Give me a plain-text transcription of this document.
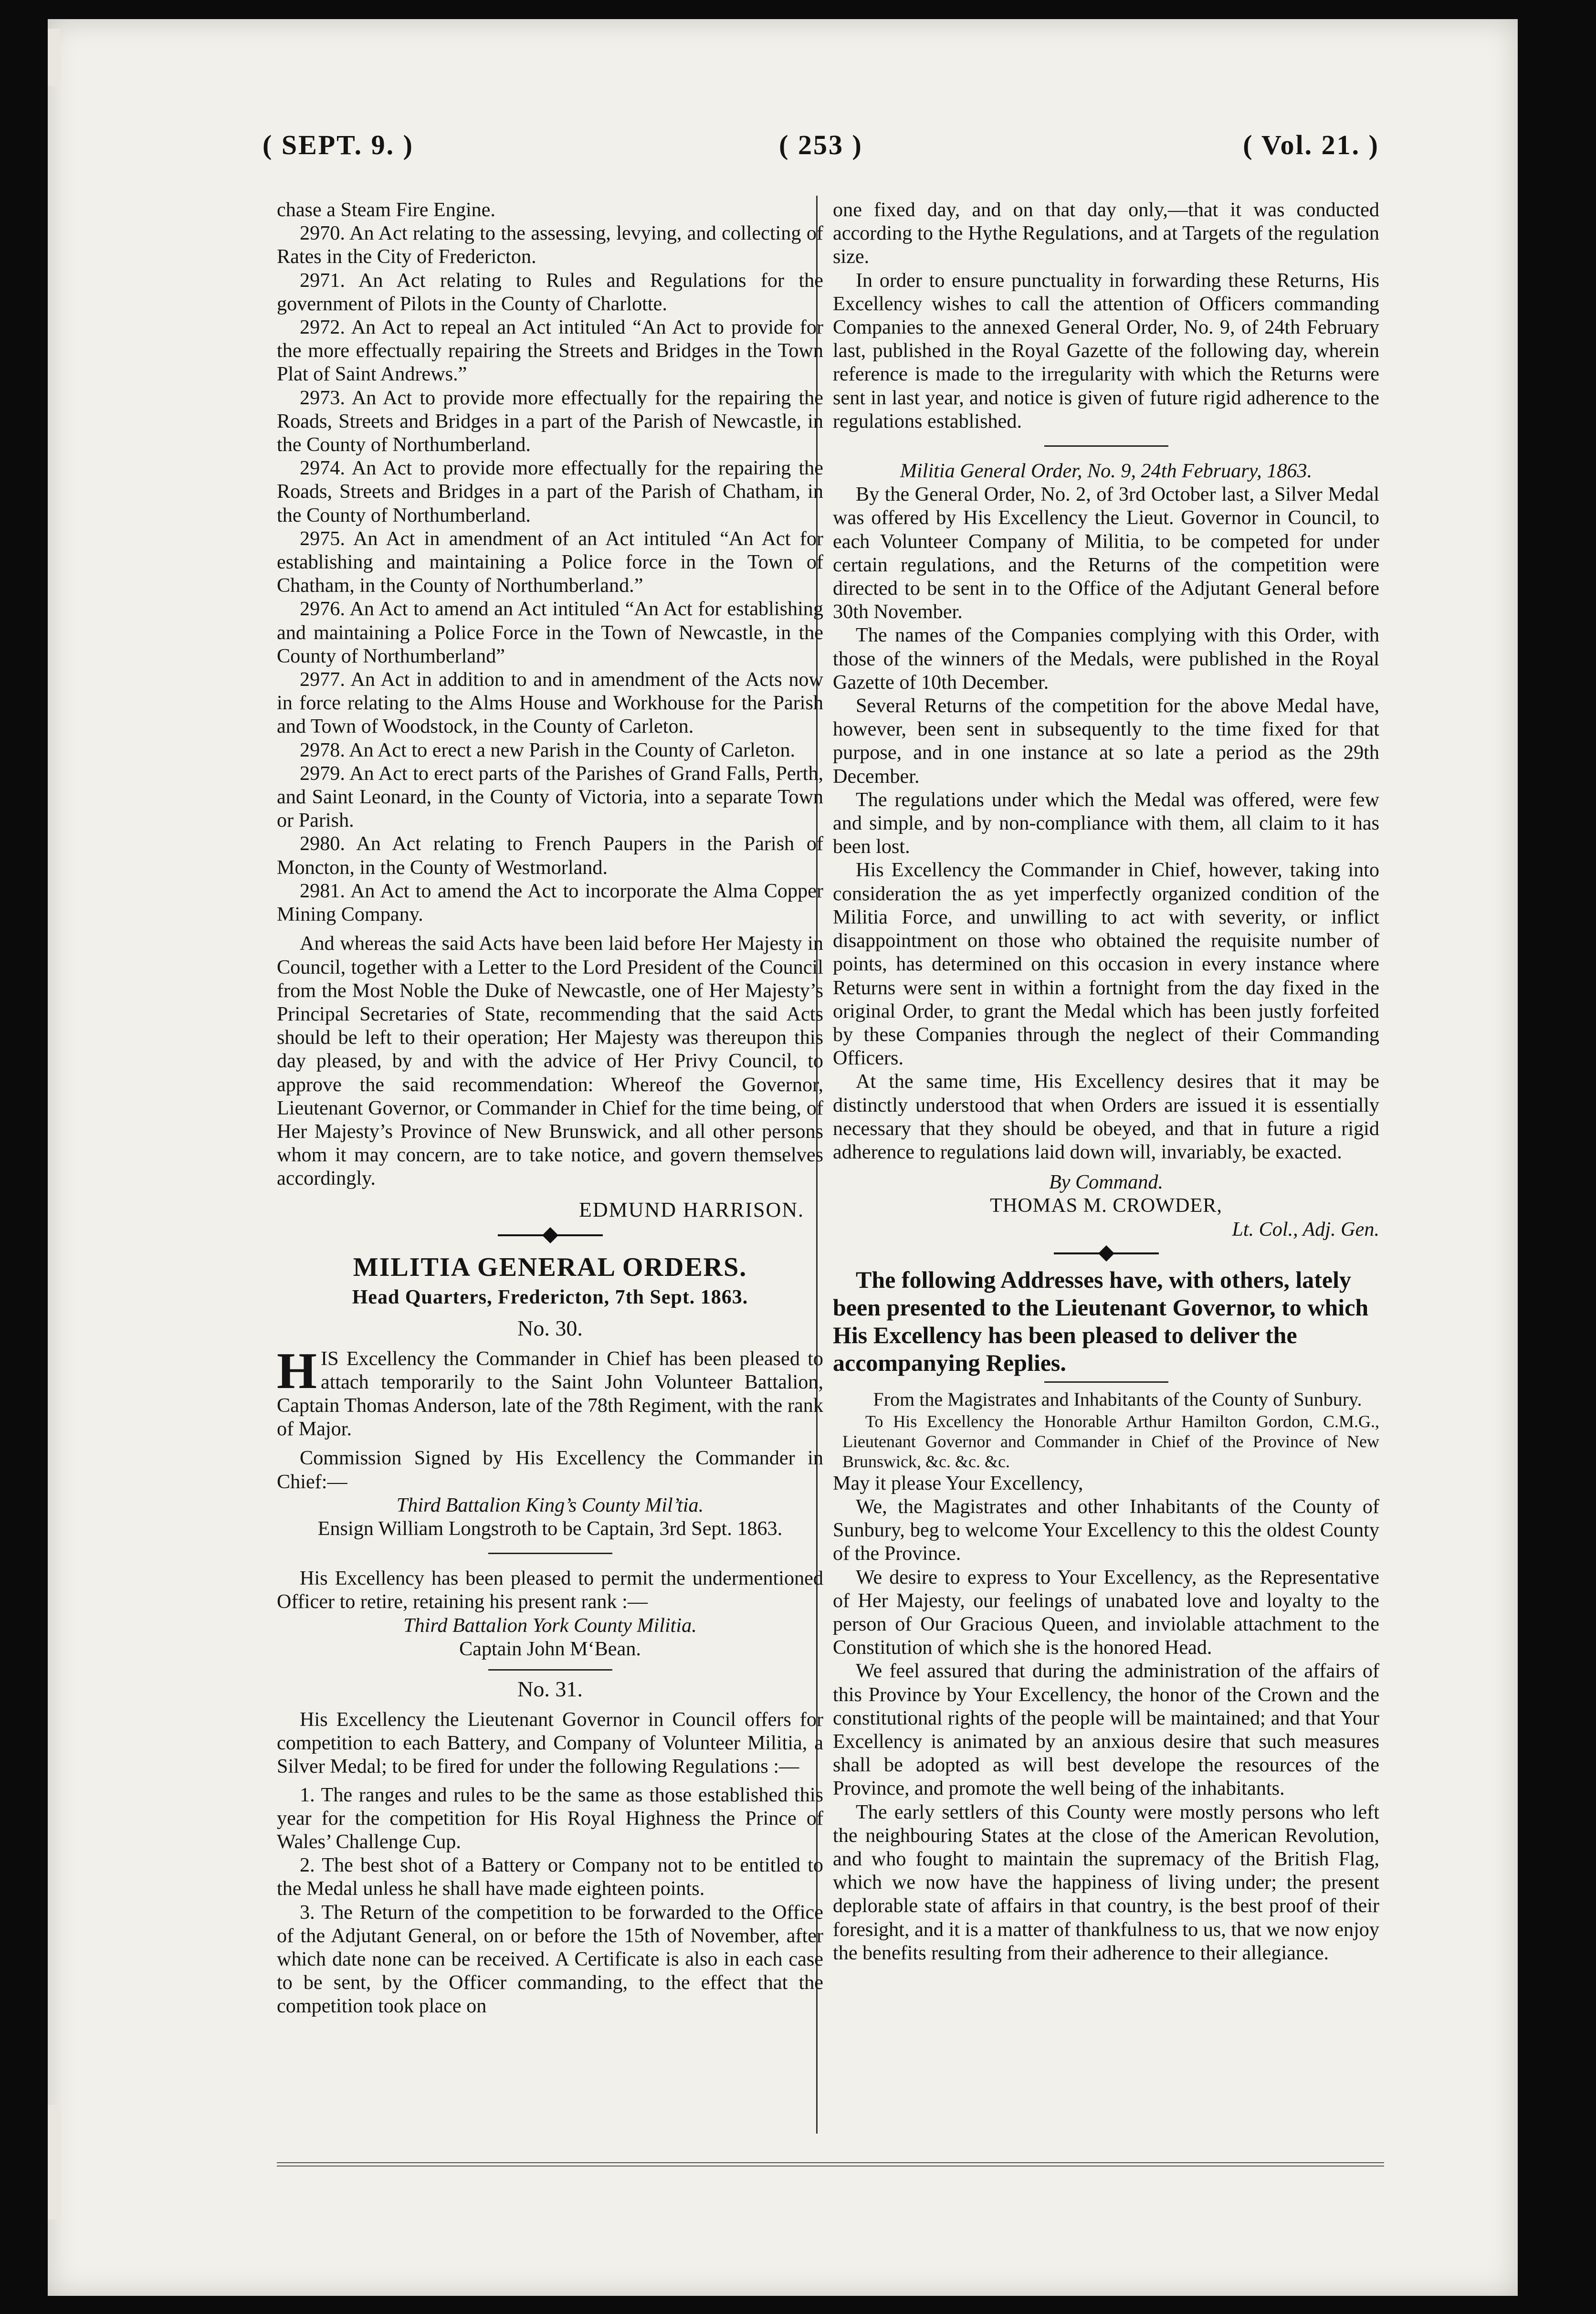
( SEPT. 9. )	( 253 )	( Vol. 21. )

chase a Steam Fire Engine.

2970. An Act relating to the assessing, levying, and collecting of Rates in the City of Fredericton.

2971. An Act relating to Rules and Regulations for the government of Pilots in the County of Charlotte.

2972. An Act to repeal an Act intituled “An Act to provide for the more effectually repairing the Streets and Bridges in the Town Plat of Saint Andrews.”

2973. An Act to provide more effectually for the repairing the Roads, Streets and Bridges in a part of the Parish of Newcastle, in the County of Northumberland.

2974. An Act to provide more effectually for the repairing the Roads, Streets and Bridges in a part of the Parish of Chatham, in the County of Northumberland.

2975. An Act in amendment of an Act intituled “An Act for establishing and maintaining a Police force in the Town of Chatham, in the County of Northumberland.”

2976. An Act to amend an Act intituled “An Act for establishing and maintaining a Police Force in the Town of Newcastle, in the County of Northumberland”

2977. An Act in addition to and in amendment of the Acts now in force relating to the Alms House and Workhouse for the Parish and Town of Woodstock, in the County of Carleton.

2978. An Act to erect a new Parish in the County of Carleton.

2979. An Act to erect parts of the Parishes of Grand Falls, Perth, and Saint Leonard, in the County of Victoria, into a separate Town or Parish.

2980. An Act relating to French Paupers in the Parish of Moncton, in the County of Westmorland.

2981. An Act to amend the Act to incorporate the Alma Copper Mining Company.

And whereas the said Acts have been laid before Her Majesty in Council, together with a Letter to the Lord President of the Council from the Most Noble the Duke of Newcastle, one of Her Majesty’s Principal Secretaries of State, recommending that the said Acts should be left to their operation; Her Majesty was thereupon this day pleased, by and with the advice of Her Privy Council, to approve the said recommendation: Whereof the Governor, Lieutenant Governor, or Commander in Chief for the time being, of Her Majesty’s Province of New Brunswick, and all other persons whom it may concern, are to take notice, and govern themselves accordingly.

EDMUND HARRISON.
MILITIA GENERAL ORDERS.
Head Quarters, Fredericton, 7th Sept. 1863.
No. 30.

HIS Excellency the Commander in Chief has been pleased to attach temporarily to the Saint John Volunteer Battalion, Captain Thomas Anderson, late of the 78th Regiment, with the rank of Major.

Commission Signed by His Excellency the Commander in Chief:—

Third Battalion King’s County Mil’tia.

Ensign William Longstroth to be Captain, 3rd Sept. 1863.

His Excellency has been pleased to permit the undermentioned Officer to retire, retaining his present rank :—

Third Battalion York County Militia.

Captain John M‘Bean.

No. 31.

His Excellency the Lieutenant Governor in Council offers for competition to each Battery, and Company of Volunteer Militia, a Silver Medal; to be fired for under the following Regulations :—

1. The ranges and rules to be the same as those established this year for the competition for His Royal Highness the Prince of Wales’ Challenge Cup.

2. The best shot of a Battery or Company not to be entitled to the Medal unless he shall have made eighteen points.

3. The Return of the competition to be forwarded to the Office of the Adjutant General, on or before the 15th of November, after which date none can be received. A Certificate is also in each case to be sent, by the Officer commanding, to the effect that the competition took place on

one fixed day, and on that day only,—that it was conducted according to the Hythe Regulations, and at Targets of the regulation size.

In order to ensure punctuality in forwarding these Returns, His Excellency wishes to call the attention of Officers commanding Companies to the annexed General Order, No. 9, of 24th February last, published in the Royal Gazette of the following day, wherein reference is made to the irregularity with which the Returns were sent in last year, and notice is given of future rigid adherence to the regulations established.

Militia General Order, No. 9, 24th February, 1863.

By the General Order, No. 2, of 3rd October last, a Silver Medal was offered by His Excellency the Lieut. Governor in Council, to each Volunteer Company of Militia, to be competed for under certain regulations, and the Returns of the competition were directed to be sent in to the Office of the Adjutant General before 30th November.

The names of the Companies complying with this Order, with those of the winners of the Medals, were published in the Royal Gazette of 10th December.

Several Returns of the competition for the above Medal have, however, been sent in subsequently to the time fixed for that purpose, and in one instance at so late a period as the 29th December.

The regulations under which the Medal was offered, were few and simple, and by non-compliance with them, all claim to it has been lost.

His Excellency the Commander in Chief, however, taking into consideration the as yet imperfectly organized condition of the Militia Force, and unwilling to act with severity, or inflict disappointment on those who obtained the requisite number of points, has determined on this occasion in every instance where Returns were sent in within a fortnight from the day fixed in the original Order, to grant the Medal which has been justly forfeited by these Companies through the neglect of their Commanding Officers.

At the same time, His Excellency desires that it may be distinctly understood that when Orders are issued it is essentially necessary that they should be obeyed, and that in future a rigid adherence to regulations laid down will, invariably, be exacted.

By Command.

THOMAS M. CROWDER,

Lt. Col., Adj. Gen.

The following Addresses have, with others, lately been presented to the Lieutenant Governor, to which His Excellency has been pleased to deliver the accompanying Replies.

From the Magistrates and Inhabitants of the County of Sunbury.

To His Excellency the Honorable Arthur Hamilton Gordon, C.M.G., Lieutenant Governor and Commander in Chief of the Province of New Brunswick, &c. &c. &c.

May it please Your Excellency,

We, the Magistrates and other Inhabitants of the County of Sunbury, beg to welcome Your Excellency to this the oldest County of the Province.

We desire to express to Your Excellency, as the Representative of Her Majesty, our feelings of unabated love and loyalty to the person of Our Gracious Queen, and inviolable attachment to the Constitution of which she is the honored Head.

We feel assured that during the administration of the affairs of this Province by Your Excellency, the honor of the Crown and the constitutional rights of the people will be maintained; and that Your Excellency is animated by an anxious desire that such measures shall be adopted as will best develope the resources of the Province, and promote the well being of the inhabitants.

The early settlers of this County were mostly persons who left the neighbouring States at the close of the American Revolution, and who fought to maintain the supremacy of the British Flag, which we now have the happiness of living under; the present deplorable state of affairs in that country, is the best proof of their foresight, and it is a matter of thankfulness to us, that we now enjoy the benefits resulting from their adherence to their allegiance.
